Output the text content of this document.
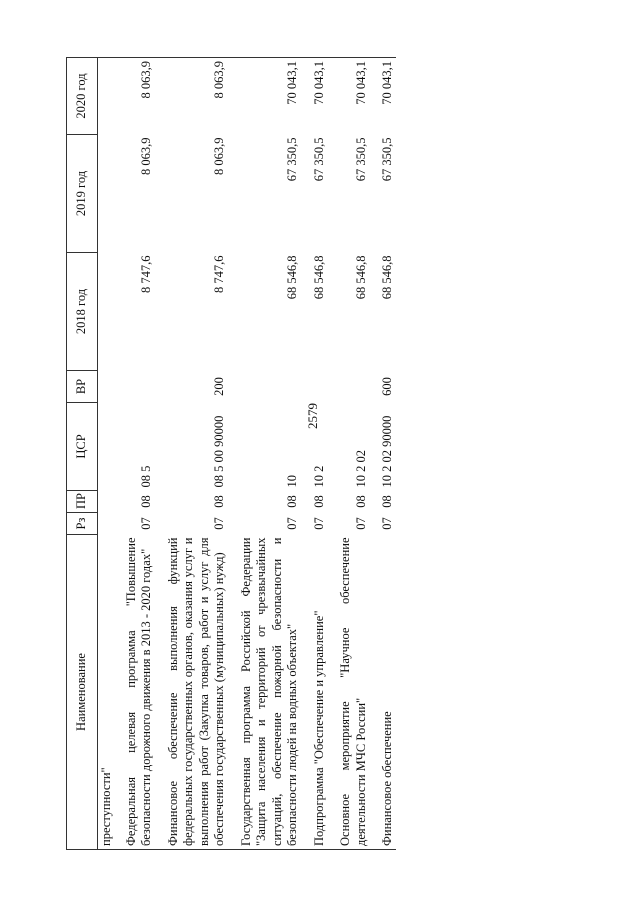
2579
Наименование	Рз	ПР	ЦСР	ВР	2018 год	2019 год	2020 год
преступности"							
Федеральная целевая программа "Повышение безопасности дорожного движения в 2013 - 2020 годах"	07	08	08 5		8 747,6	8 063,9	8 063,9
Финансовое обеспечение выполнения функций федеральных государственных органов, оказания услуг и выполнения работ (Закупка товаров, работ и услуг для обеспечения государственных (муниципальных) нужд)	07	08	08 5 00 90000	200	8 747,6	8 063,9	8 063,9
Государственная программа Российской Федерации "Защита населения и территорий от чрезвычайных ситуаций, обеспечение пожарной безопасности и безопасности людей на водных объектах"	07	08	10		68 546,8	67 350,5	70 043,1
Подпрограмма "Обеспечение и управление"	07	08	10 2		68 546,8	67 350,5	70 043,1
Основное мероприятие "Научное обеспечение деятельности МЧС России"	07	08	10 2 02		68 546,8	67 350,5	70 043,1
Финансовое обеспечение	07	08	10 2 02 90000	600	68 546,8	67 350,5	70 043,1
